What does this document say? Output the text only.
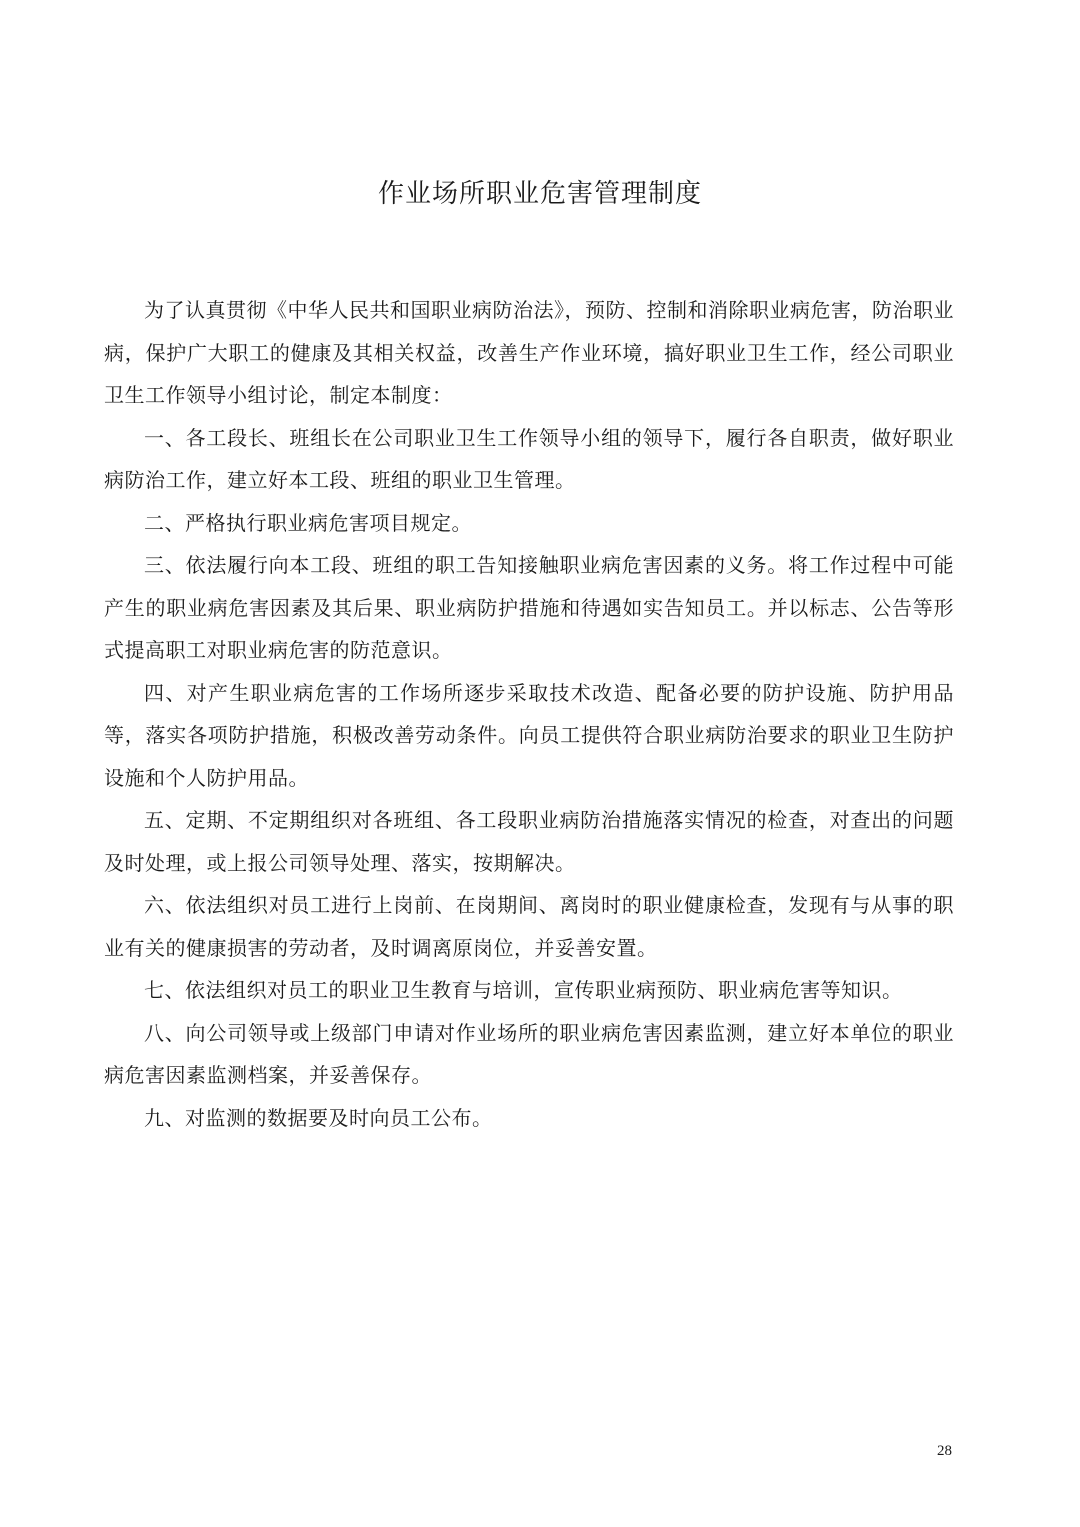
作业场所职业危害管理制度

为了认真贯彻《中华人民共和国职业病防治法》，预防、控制和消除职业病危害，防治职业病，保护广大职工的健康及其相关权益，改善生产作业环境，搞好职业卫生工作，经公司职业卫生工作领导小组讨论，制定本制度：

一、各工段长、班组长在公司职业卫生工作领导小组的领导下，履行各自职责，做好职业病防治工作，建立好本工段、班组的职业卫生管理。

二、严格执行职业病危害项目规定。

三、依法履行向本工段、班组的职工告知接触职业病危害因素的义务。将工作过程中可能产生的职业病危害因素及其后果、职业病防护措施和待遇如实告知员工。并以标志、公告等形式提高职工对职业病危害的防范意识。

四、对产生职业病危害的工作场所逐步采取技术改造、配备必要的防护设施、防护用品等，落实各项防护措施，积极改善劳动条件。向员工提供符合职业病防治要求的职业卫生防护设施和个人防护用品。

五、定期、不定期组织对各班组、各工段职业病防治措施落实情况的检查，对查出的问题及时处理，或上报公司领导处理、落实，按期解决。

六、依法组织对员工进行上岗前、在岗期间、离岗时的职业健康检查，发现有与从事的职业有关的健康损害的劳动者，及时调离原岗位，并妥善安置。

七、依法组织对员工的职业卫生教育与培训，宣传职业病预防、职业病危害等知识。

八、向公司领导或上级部门申请对作业场所的职业病危害因素监测，建立好本单位的职业病危害因素监测档案，并妥善保存。

九、对监测的数据要及时向员工公布。

28
